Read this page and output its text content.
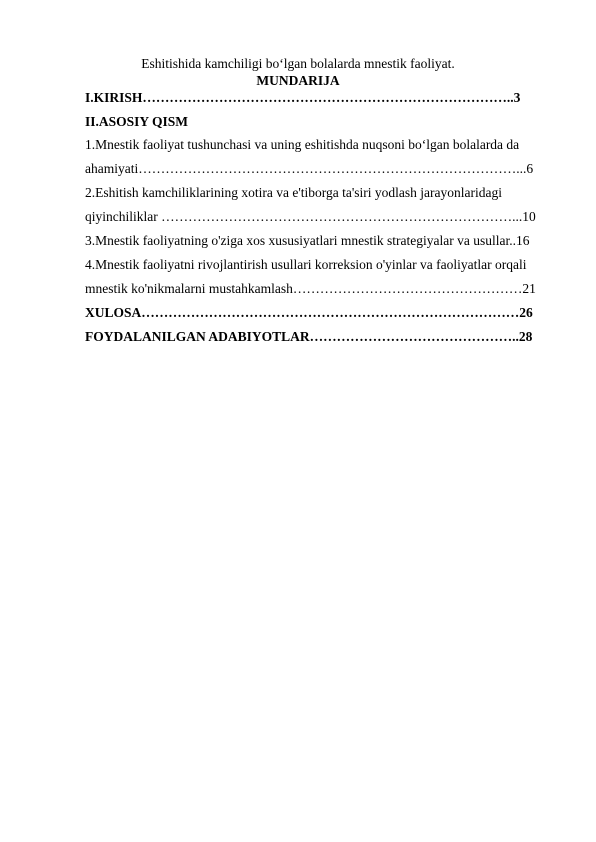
Eshitishida kamchiligi bo‘lgan bolalarda mnestik faoliyat.
MUNDARIJA
I.KIRISH………………………………………………………………………..3
II.ASOSIY QISM
1.Mnestik faoliyat tushunchasi va uning eshitishda nuqsoni bo‘lgan bolalarda da
ahamiyati…………………………………………………………………………...6
2.Eshitish kamchiliklarining xotira va e'tiborga ta'siri yodlash jarayonlaridagi
qiyinchiliklar ……………………………………………………………………...10
3.Mnestik faoliyatning o'ziga xos xususiyatlari mnestik strategiyalar va usullar..16
4.Mnestik faoliyatni rivojlantirish usullari korreksion o'yinlar va faoliyatlar orqali
mnestik ko'nikmalarni mustahkamlash……………………………………………21
XULOSA…………………………………………………………………………26
FOYDALANILGAN ADABIYOTLAR………………………………………..28
